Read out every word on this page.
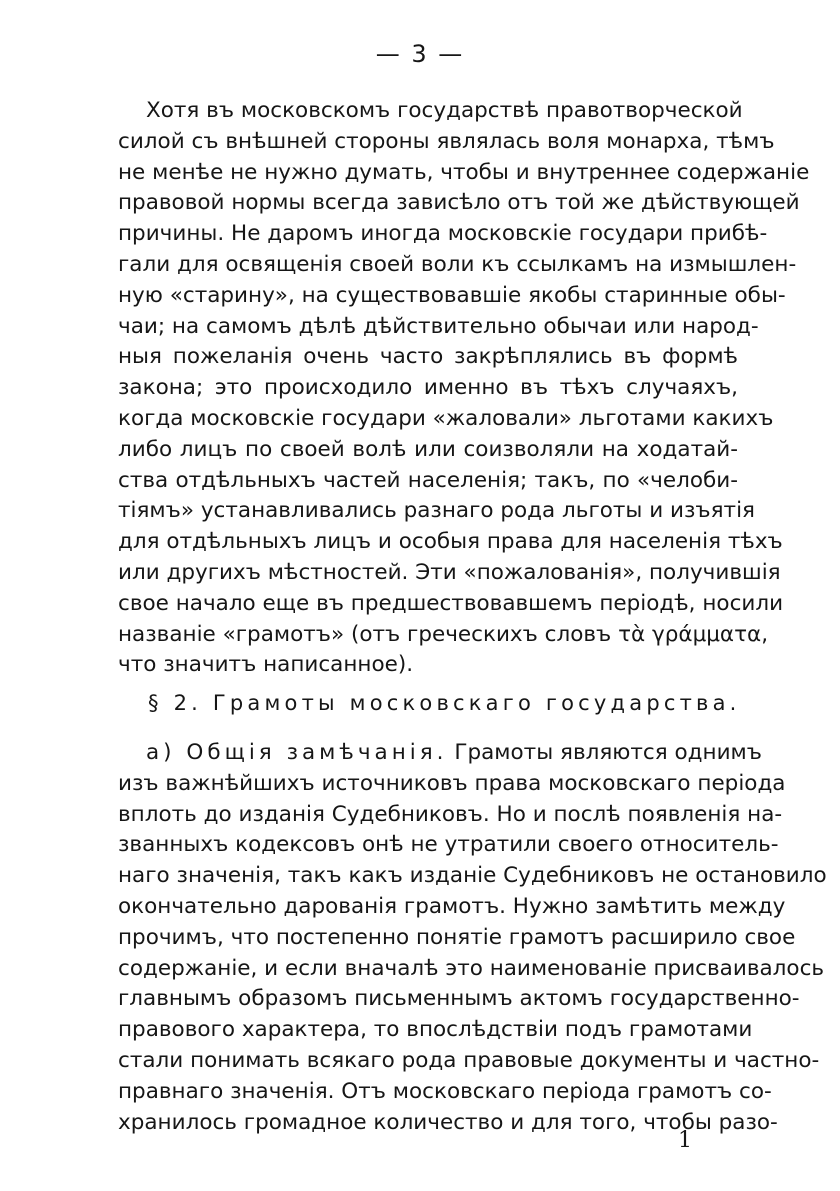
— 3 —
Хотя въ московскомъ государствѣ правотворческой
силой съ внѣшней стороны являлась воля монарха, тѣмъ
не менѣе не нужно думать, чтобы и внутреннее содержаніе
правовой нормы всегда зависѣло отъ той же дѣйствующей
причины. Не даромъ иногда московскіе государи прибѣ-
гали для освященія своей воли къ ссылкамъ на измышлен-
ную «старину», на существовавшіе якобы старинные обы-
чаи; на самомъ дѣлѣ дѣйствительно обычаи или народ-
ныя пожеланія очень часто закрѣплялись въ формѣ
закона; это происходило именно въ тѣхъ случаяхъ,
когда московскіе государи «жаловали» льготами какихъ
либо лицъ по своей волѣ или соизволяли на ходатай-
ства отдѣльныхъ частей населенія; такъ, по «челоби-
тіямъ» устанавливались разнаго рода льготы и изъятія
для отдѣльныхъ лицъ и особыя права для населенія тѣхъ
или другихъ мѣстностей. Эти «пожалованія», получившія
свое начало еще въ предшествовавшемъ періодѣ, носили
названіе «грамотъ» (отъ греческихъ словъ τὰ γράμματα,
что значитъ написанное).
§ 2. Грамоты московскаго государства.
а) Общія замѣчанія. Грамоты являются однимъ
изъ важнѣйшихъ источниковъ права московскаго періода
вплоть до изданія Судебниковъ. Но и послѣ появленія на-
званныхъ кодексовъ онѣ не утратили своего относитель-
наго значенія, такъ какъ изданіе Судебниковъ не остановило
окончательно дарованія грамотъ. Нужно замѣтить между
прочимъ, что постепенно понятіе грамотъ расширило свое
содержаніе, и если вначалѣ это наименованіе присваивалось
главнымъ образомъ письменнымъ актомъ государственно-
правового характера, то впослѣдствіи подъ грамотами
стали понимать всякаго рода правовые документы и частно-
правнаго значенія. Отъ московскаго періода грамотъ со-
хранилось громадное количество и для того, чтобы разо-
1
